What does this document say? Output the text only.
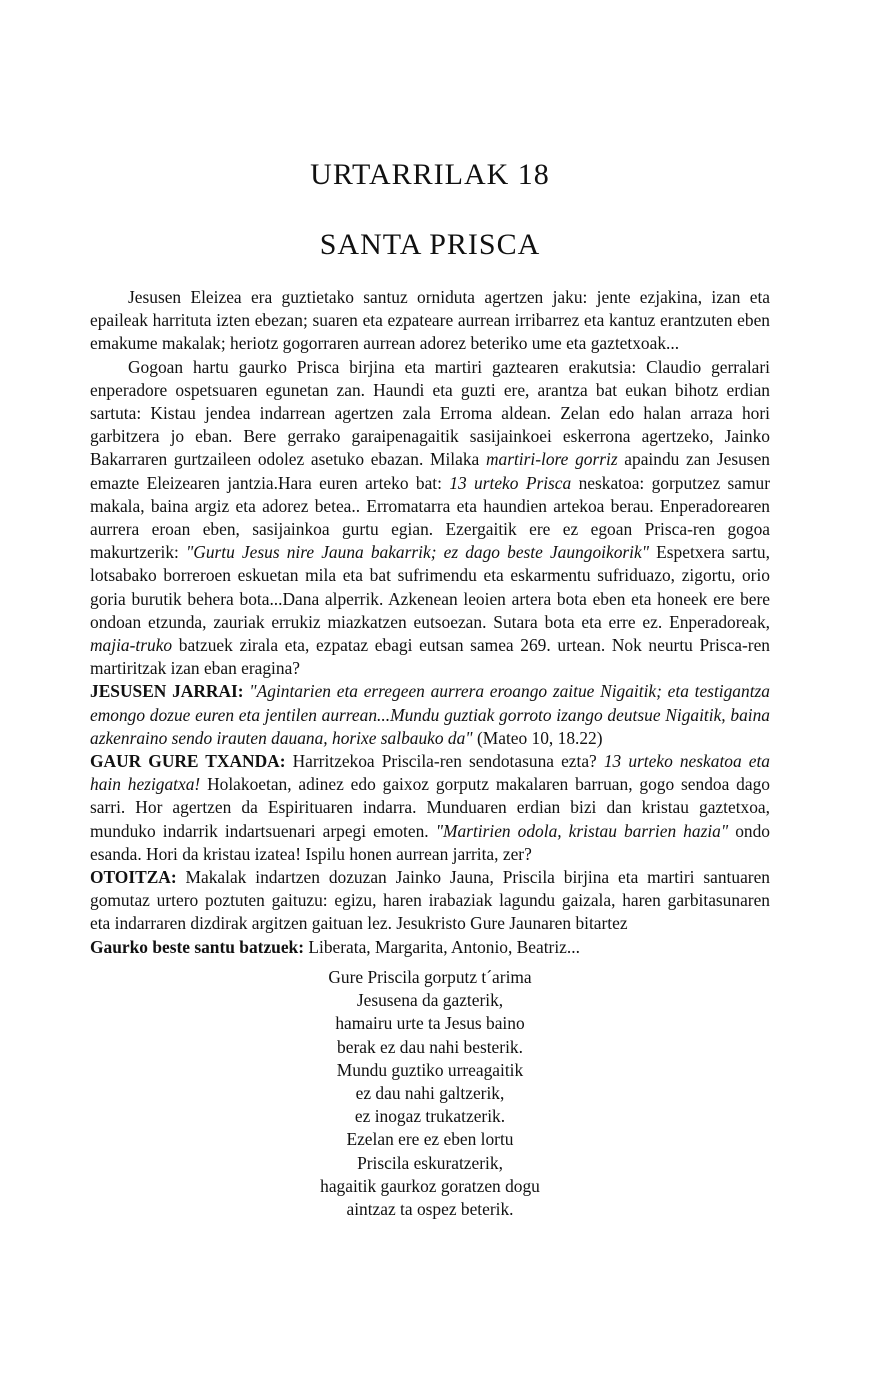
URTARRILAK 18
SANTA PRISCA

Jesusen Eleizea era guztietako santuz orniduta agertzen jaku: jente ezjakina, izan eta epaileak harrituta izten ebezan; suaren eta ezpateare aurrean irribarrez eta kantuz erantzuten eben emakume makalak; heriotz gogorraren aurrean adorez beteriko ume eta gaztetxoak...

Gogoan hartu gaurko Prisca birjina eta martiri gaztearen erakutsia: Claudio gerralari enperadore ospetsuaren egunetan zan. Haundi eta guzti ere, arantza bat eukan bihotz erdian sartuta: Kistau jendea indarrean agertzen zala Erroma aldean. Zelan edo halan arraza hori garbitzera jo eban. Bere gerrako garaipenagaitik sasijainkoei eskerrona agertzeko, Jainko Bakarraren gurtzaileen odolez asetuko ebazan. Milaka martiri-lore gorriz apaindu zan Jesusen emazte Eleizearen jantzia.Hara euren arteko bat: 13 urteko Prisca neskatoa: gorputzez samur makala, baina argiz eta adorez betea.. Erromatarra eta haundien artekoa berau. Enperadorearen aurrera eroan eben, sasijainkoa gurtu egian. Ezergaitik ere ez egoan Prisca-ren gogoa makurtzerik: "Gurtu Jesus nire Jauna bakarrik; ez dago beste Jaungoikorik" Espetxera sartu, lotsabako borreroen eskuetan mila eta bat sufrimendu eta eskarmentu sufriduazo, zigortu, orio goria burutik behera bota...Dana alperrik. Azkenean leoien artera bota eben eta honeek ere bere ondoan etzunda, zauriak errukiz miazkatzen eutsoezan. Sutara bota eta erre ez. Enperadoreak, majia-truko batzuek zirala eta, ezpataz ebagi eutsan samea 269. urtean. Nok neurtu Prisca-ren martiritzak izan eban eragina?

JESUSEN JARRAI: "Agintarien eta erregeen aurrera eroango zaitue Nigaitik; eta testigantza emongo dozue euren eta jentilen aurrean...Mundu guztiak gorroto izango deutsue Nigaitik, baina azkenraino sendo irauten dauana, horixe salbauko da" (Mateo 10, 18.22)

GAUR GURE TXANDA: Harritzekoa Priscila-ren sendotasuna ezta? 13 urteko neskatoa eta hain hezigatxa! Holakoetan, adinez edo gaixoz gorputz makalaren barruan, gogo sendoa dago sarri. Hor agertzen da Espirituaren indarra. Munduaren erdian bizi dan kristau gaztetxoa, munduko indarrik indartsuenari arpegi emoten. "Martirien odola, kristau barrien hazia" ondo esanda. Hori da kristau izatea! Ispilu honen aurrean jarrita, zer?

OTOITZA: Makalak indartzen dozuzan Jainko Jauna, Priscila birjina eta martiri santuaren gomutaz urtero poztuten gaituzu: egizu, haren irabaziak lagundu gaizala, haren garbitasunaren eta indarraren dizdirak argitzen gaituan lez. Jesukristo Gure Jaunaren bitartez

Gaurko beste santu batzuek: Liberata, Margarita, Antonio, Beatriz...

Gure Priscila gorputz t´arima
Jesusena da gazterik,
hamairu urte ta Jesus baino
berak ez dau nahi besterik.
Mundu guztiko urreagaitik
ez dau nahi galtzerik,
ez inogaz trukatzerik.
Ezelan ere ez eben lortu
Priscila eskuratzerik,
hagaitik gaurkoz goratzen dogu
aintzaz ta ospez beterik.
